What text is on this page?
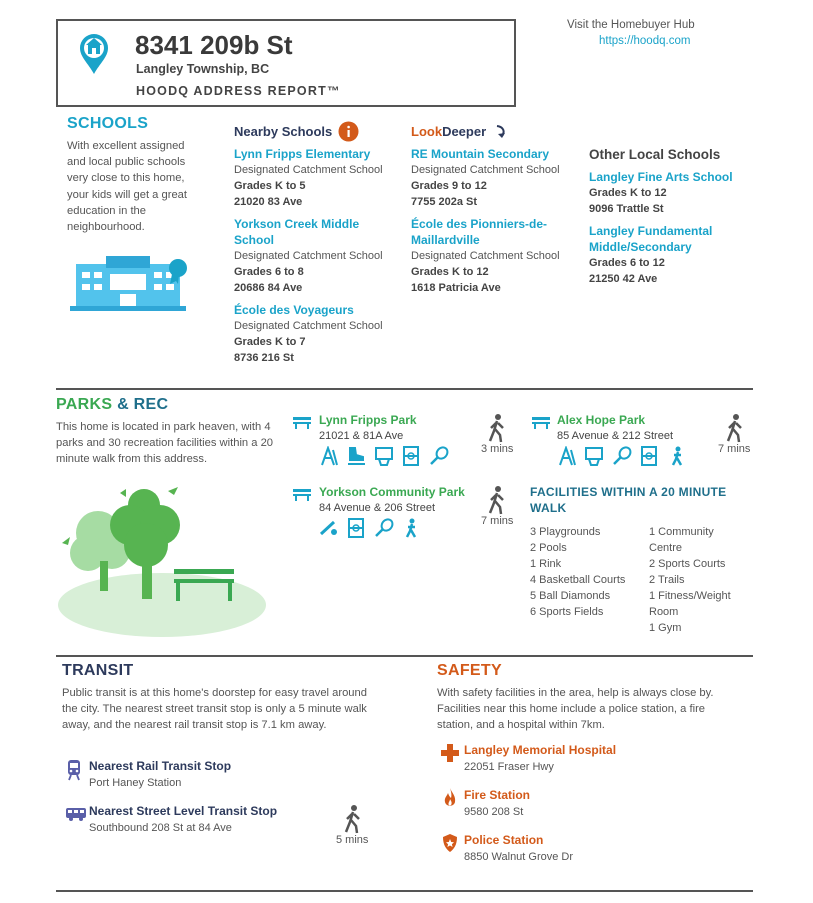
8341 209b St
Langley Township, BC
HOODQ ADDRESS REPORT™
Visit the Homebuyer Hub
https://hoodq.com
SCHOOLS
With excellent assigned and local public schools very close to this home, your kids will get a great education in the neighbourhood.
Nearby Schools
Lynn Fripps Elementary
Designated Catchment School
Grades K to 5
21020 83 Ave
Yorkson Creek Middle School
Designated Catchment School
Grades 6 to 8
20686 84 Ave
École des Voyageurs
Designated Catchment School
Grades K to 7
8736 216 St
LookDeeper
RE Mountain Secondary
Designated Catchment School
Grades 9 to 12
7755 202a St
École des Pionniers-de-Maillardville
Designated Catchment School
Grades K to 12
1618 Patricia Ave
Other Local Schools
Langley Fine Arts School
Grades K to 12
9096 Trattle St
Langley Fundamental Middle/Secondary
Grades 6 to 12
21250 42 Ave
PARKS & REC
This home is located in park heaven, with 4 parks and 30 recreation facilities within a 20 minute walk from this address.
Lynn Fripps Park
21021 & 81A Ave

3 mins
Alex Hope Park
85 Avenue & 212 Street

7 mins
Yorkson Community Park
84 Avenue & 206 Street

7 mins
FACILITIES WITHIN A 20 MINUTE WALK
3 Playgrounds
2 Pools
1 Rink
4 Basketball Courts
5 Ball Diamonds
6 Sports Fields
1 Community Centre
2 Sports Courts
2 Trails
1 Fitness/Weight Room
1 Gym
TRANSIT
Public transit is at this home's doorstep for easy travel around the city. The nearest street transit stop is only a 5 minute walk away, and the nearest rail transit stop is 7.1 km away.
Nearest Rail Transit Stop
Port Haney Station
Nearest Street Level Transit Stop
Southbound 208 St at 84 Ave
5 mins
SAFETY
With safety facilities in the area, help is always close by. Facilities near this home include a police station, a fire station, and a hospital within 7km.
Langley Memorial Hospital
22051 Fraser Hwy
Fire Station
9580 208 St
Police Station
8850 Walnut Grove Dr
